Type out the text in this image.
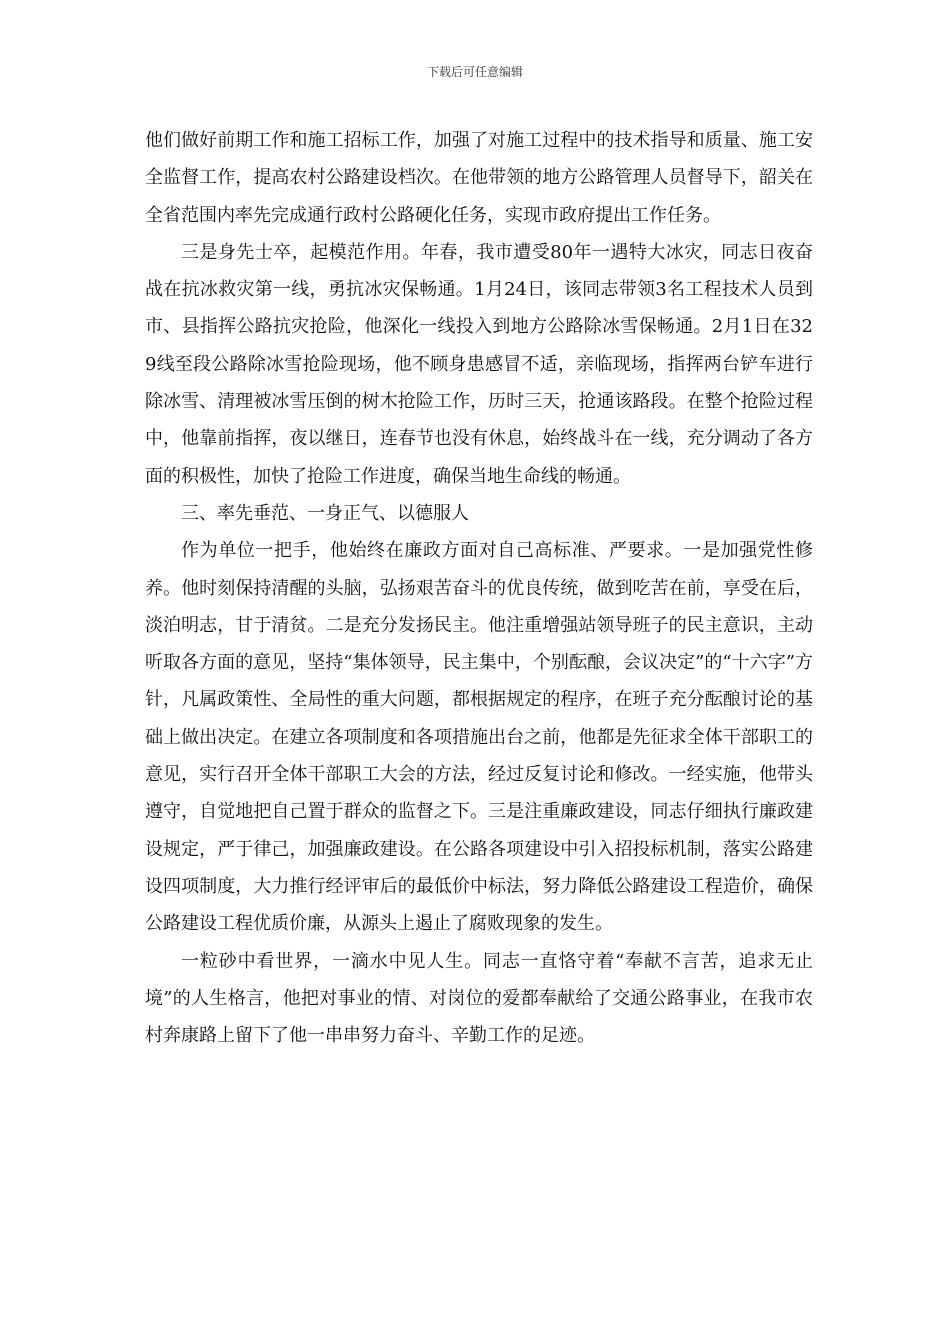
下载后可任意编辑

他们做好前期工作和施工招标工作，加强了对施工过程中的技术指导和质量、施工安全监督工作，提高农村公路建设档次。在他带领的地方公路管理人员督导下，韶关在全省范围内率先完成通行政村公路硬化任务，实现市政府提出工作任务。

三是身先士卒，起模范作用。年春，我市遭受80年一遇特大冰灾，同志日夜奋战在抗冰救灾第一线，勇抗冰灾保畅通。1月24日，该同志带领3名工程技术人员到市、县指挥公路抗灾抢险，他深化一线投入到地方公路除冰雪保畅通。2月1日在329线至段公路除冰雪抢险现场，他不顾身患感冒不适，亲临现场，指挥两台铲车进行除冰雪、清理被冰雪压倒的树木抢险工作，历时三天，抢通该路段。在整个抢险过程中，他靠前指挥，夜以继日，连春节也没有休息，始终战斗在一线，充分调动了各方面的积极性，加快了抢险工作进度，确保当地生命线的畅通。

三、率先垂范、一身正气、以德服人

作为单位一把手，他始终在廉政方面对自己高标准、严要求。一是加强党性修养。他时刻保持清醒的头脑，弘扬艰苦奋斗的优良传统，做到吃苦在前，享受在后，淡泊明志，甘于清贫。二是充分发扬民主。他注重增强站领导班子的民主意识，主动听取各方面的意见，坚持“集体领导，民主集中，个别酝酿，会议决定”的“十六字”方针，凡属政策性、全局性的重大问题，都根据规定的程序，在班子充分酝酿讨论的基础上做出决定。在建立各项制度和各项措施出台之前，他都是先征求全体干部职工的意见，实行召开全体干部职工大会的方法，经过反复讨论和修改。一经实施，他带头遵守，自觉地把自己置于群众的监督之下。三是注重廉政建设，同志仔细执行廉政建设规定，严于律己，加强廉政建设。在公路各项建设中引入招投标机制，落实公路建设四项制度，大力推行经评审后的最低价中标法，努力降低公路建设工程造价，确保公路建设工程优质价廉，从源头上遏止了腐败现象的发生。

一粒砂中看世界，一滴水中见人生。同志一直恪守着“奉献不言苦，追求无止境”的人生格言，他把对事业的情、对岗位的爱都奉献给了交通公路事业，在我市农村奔康路上留下了他一串串努力奋斗、辛勤工作的足迹。
